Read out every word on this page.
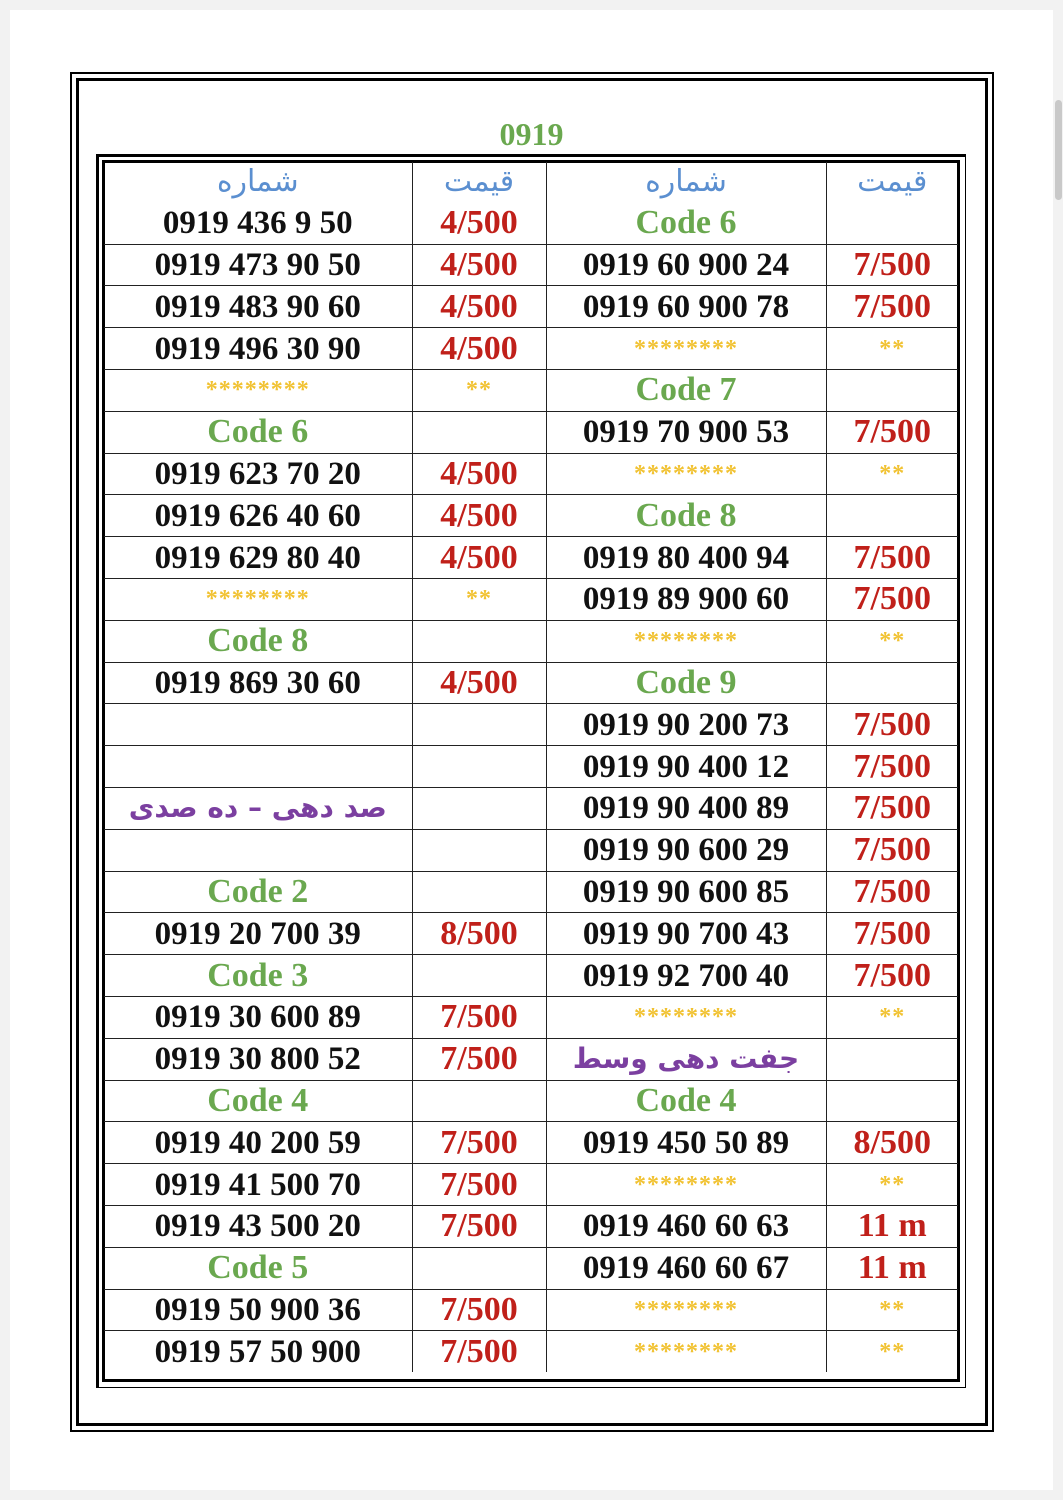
0919
شماره	قيمت	شماره	قيمت
0919 436 9 50	4/500	Code 6	
0919 473 90 50	4/500	0919 60 900 24	7/500
0919 483 90 60	4/500	0919 60 900 78	7/500
0919 496 30 90	4/500	********	**
********	**	Code 7	
Code 6		0919 70 900 53	7/500
0919 623 70 20	4/500	********	**
0919 626 40 60	4/500	Code 8	
0919 629 80 40	4/500	0919 80 400 94	7/500
********	**	0919 89 900 60	7/500
Code 8		********	**
0919 869 30 60	4/500	Code 9	
		0919 90 200 73	7/500
		0919 90 400 12	7/500
صد دهی – ده صدی		0919 90 400 89	7/500
		0919 90 600 29	7/500
Code 2		0919 90 600 85	7/500
0919 20 700 39	8/500	0919 90 700 43	7/500
Code 3		0919 92 700 40	7/500
0919 30 600 89	7/500	********	**
0919 30 800 52	7/500	جفت دهی وسط	
Code 4		Code 4	
0919 40 200 59	7/500	0919 450 50 89	8/500
0919 41 500 70	7/500	********	**
0919 43 500 20	7/500	0919 460 60 63	11 m
Code 5		0919 460 60 67	11 m
0919 50 900 36	7/500	********	**
0919 57 50 900	7/500	********	**
